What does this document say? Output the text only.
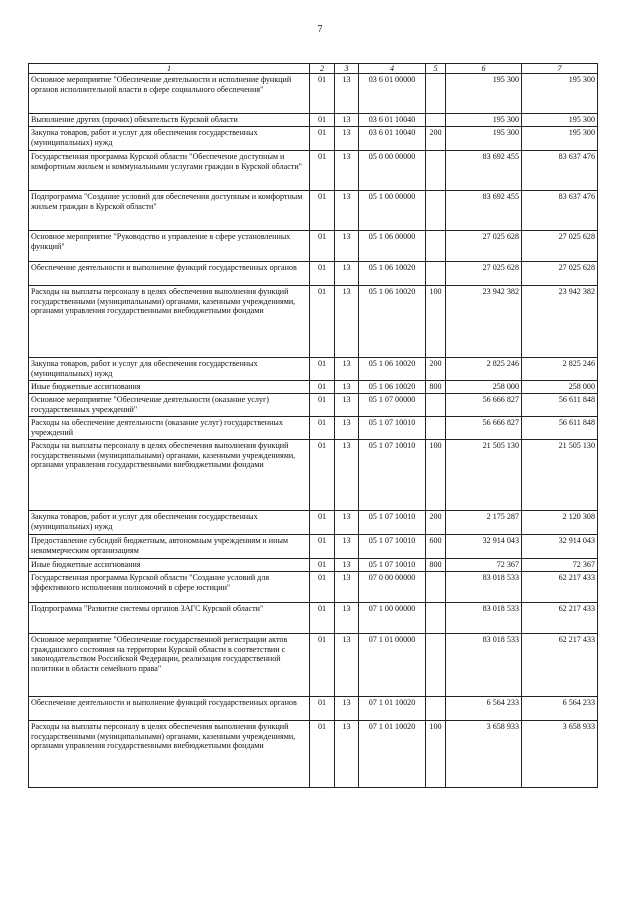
7
1	2	3	4	5	6	7
Основное мероприятие "Обеспечение деятельности и исполнение функций органов исполнительной власти в сфере социального обеспечения"	01	13	03 6 01 00000		195 300	195 300
Выполнение других (прочих) обязательств Курской области	01	13	03 6 01 10040		195 300	195 300
Закупка товаров, работ и услуг для обеспечения государственных (муниципальных) нужд	01	13	03 6 01 10040	200	195 300	195 300
Государственная программа Курской области "Обеспечение доступным и комфортным жильем и коммунальными услугами граждан в Курской области"	01	13	05 0 00 00000		83 692 455	83 637 476
Подпрограмма "Создание условий для обеспечения доступным и комфортным жильем граждан в Курской области"	01	13	05 1 00 00000		83 692 455	83 637 476
Основное мероприятие "Руководство и управление в сфере установленных функций"	01	13	05 1 06 00000		27 025 628	27 025 628
Обеспечение деятельности и выполнение функций государственных органов	01	13	05 1 06 10020		27 025 628	27 025 628
Расходы на выплаты персоналу в целях обеспечения выполнения функций государственными (муниципальными) органами, казенными учреждениями, органами управления государственными внебюджетными фондами	01	13	05 1 06 10020	100	23 942 382	23 942 382
Закупка товаров, работ и услуг для обеспечения государственных (муниципальных) нужд	01	13	05 1 06 10020	200	2 825 246	2 825 246
Иные бюджетные ассигнования	01	13	05 1 06 10020	800	258 000	258 000
Основное мероприятие "Обеспечение деятельности (оказание услуг) государственных учреждений"	01	13	05 1 07 00000		56 666 827	56 611 848
Расходы на обеспечение деятельности (оказание услуг) государственных учреждений	01	13	05 1 07 10010		56 666 827	56 611 848
Расходы на выплаты персоналу в целях обеспечения выполнения функций государственными (муниципальными) органами, казенными учреждениями, органами управления государственными внебюджетными фондами	01	13	05 1 07 10010	100	21 505 130	21 505 130
Закупка товаров, работ и услуг для обеспечения государственных (муниципальных) нужд	01	13	05 1 07 10010	200	2 175 287	2 120 308
Предоставление субсидий бюджетным, автономным учреждениям и иным некоммерческим организациям	01	13	05 1 07 10010	600	32 914 043	32 914 043
Иные бюджетные ассигнования	01	13	05 1 07 10010	800	72 367	72 367
Государственная программа Курской области "Создание условий для эффективного исполнения полномочий в сфере юстиции"	01	13	07 0 00 00000		83 018 533	62 217 433
Подпрограмма "Развитие системы органов ЗАГС Курской области"	01	13	07 1 00 00000		83 018 533	62 217 433
Основное мероприятие "Обеспечение государственной регистрации актов гражданского состояния на территории Курской области в соответствии с законодательством Российской Федерации, реализация государственной политики в области семейного права"	01	13	07 1 01 00000		83 018 533	62 217 433
Обеспечение деятельности и выполнение функций государственных органов	01	13	07 1 01 10020		6 564 233	6 564 233
Расходы на выплаты персоналу в целях обеспечения выполнения функций государственными (муниципальными) органами, казенными учреждениями, органами управления государственными внебюджетными фондами	01	13	07 1 01 10020	100	3 658 933	3 658 933
